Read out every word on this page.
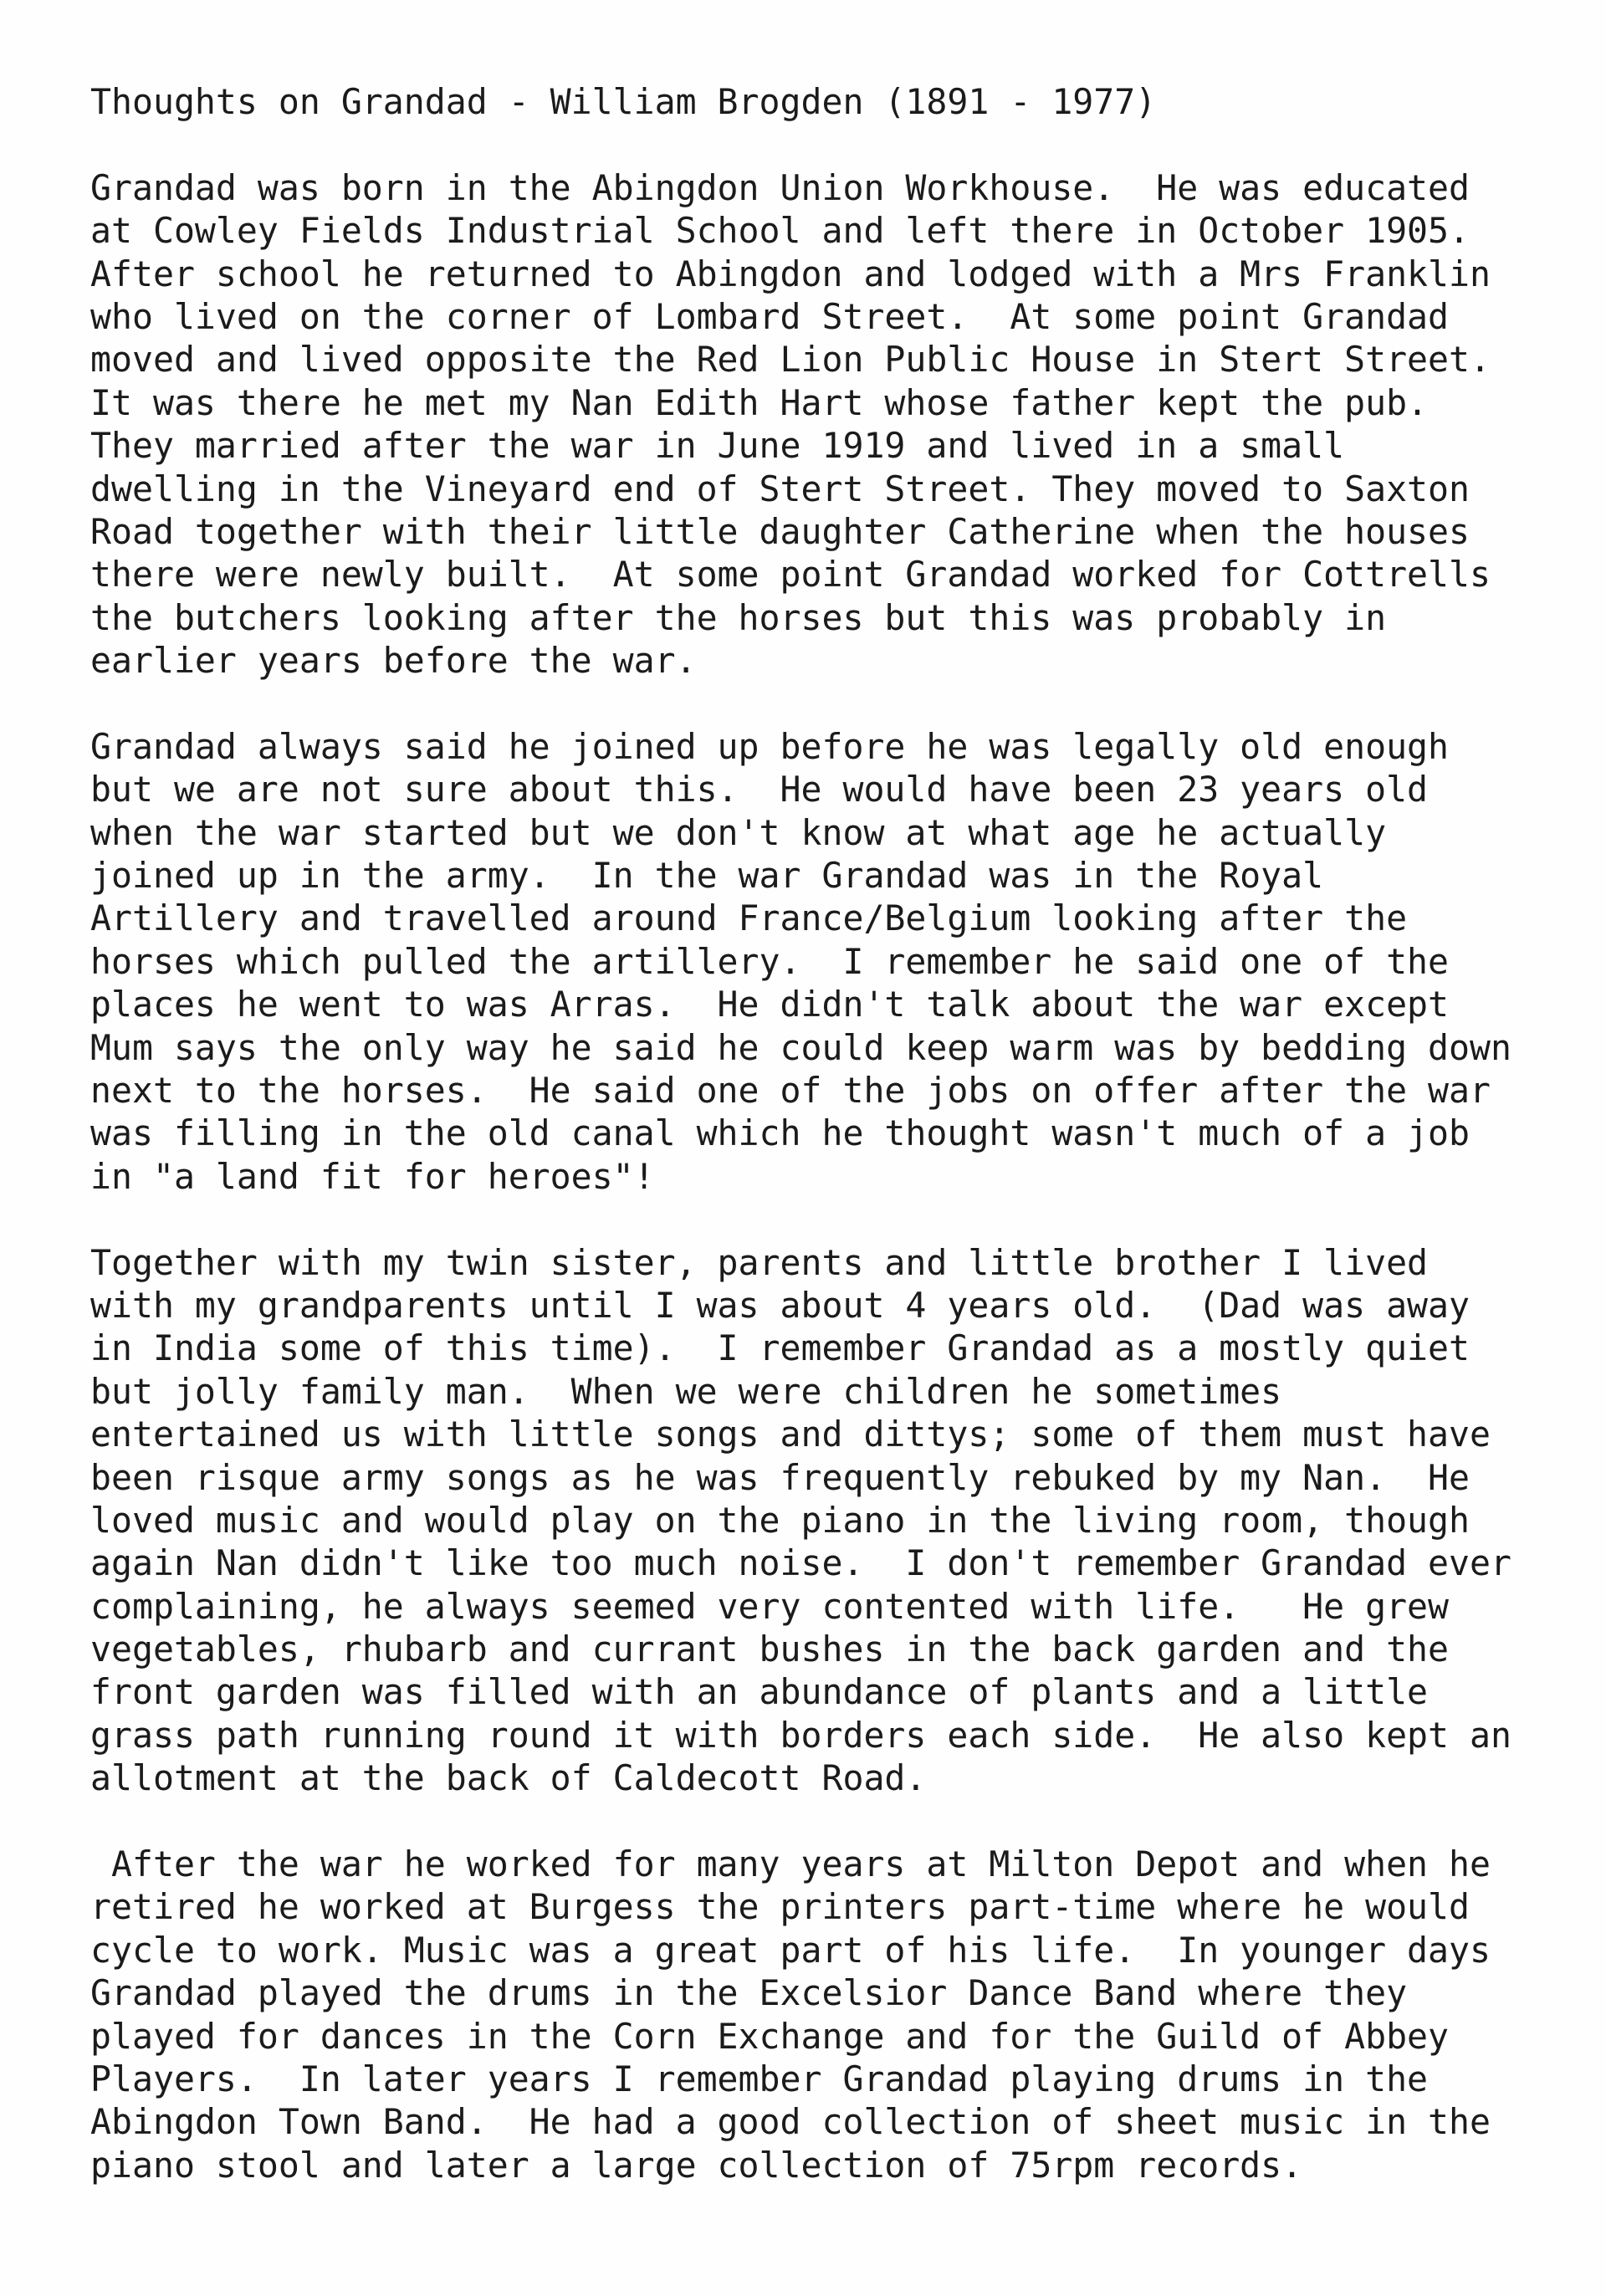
Thoughts on Grandad - William Brogden (1891 - 1977)
Grandad was born in the Abingdon Union Workhouse.  He was educated
at Cowley Fields Industrial School and left there in October 1905.
After school he returned to Abingdon and lodged with a Mrs Franklin
who lived on the corner of Lombard Street.  At some point Grandad
moved and lived opposite the Red Lion Public House in Stert Street.
It was there he met my Nan Edith Hart whose father kept the pub.
They married after the war in June 1919 and lived in a small
dwelling in the Vineyard end of Stert Street. They moved to Saxton
Road together with their little daughter Catherine when the houses
there were newly built.  At some point Grandad worked for Cottrells
the butchers looking after the horses but this was probably in
earlier years before the war.
Grandad always said he joined up before he was legally old enough
but we are not sure about this.  He would have been 23 years old
when the war started but we don't know at what age he actually
joined up in the army.  In the war Grandad was in the Royal
Artillery and travelled around France/Belgium looking after the
horses which pulled the artillery.  I remember he said one of the
places he went to was Arras.  He didn't talk about the war except
Mum says the only way he said he could keep warm was by bedding down
next to the horses.  He said one of the jobs on offer after the war
was filling in the old canal which he thought wasn't much of a job
in "a land fit for heroes"!
Together with my twin sister, parents and little brother I lived
with my grandparents until I was about 4 years old.  (Dad was away
in India some of this time).  I remember Grandad as a mostly quiet
but jolly family man.  When we were children he sometimes
entertained us with little songs and dittys; some of them must have
been risque army songs as he was frequently rebuked by my Nan.  He
loved music and would play on the piano in the living room, though
again Nan didn't like too much noise.  I don't remember Grandad ever
complaining, he always seemed very contented with life.   He grew
vegetables, rhubarb and currant bushes in the back garden and the
front garden was filled with an abundance of plants and a little
grass path running round it with borders each side.  He also kept an
allotment at the back of Caldecott Road.
After the war he worked for many years at Milton Depot and when he
retired he worked at Burgess the printers part-time where he would
cycle to work. Music was a great part of his life.  In younger days
Grandad played the drums in the Excelsior Dance Band where they
played for dances in the Corn Exchange and for the Guild of Abbey
Players.  In later years I remember Grandad playing drums in the
Abingdon Town Band.  He had a good collection of sheet music in the
piano stool and later a large collection of 75rpm records.
